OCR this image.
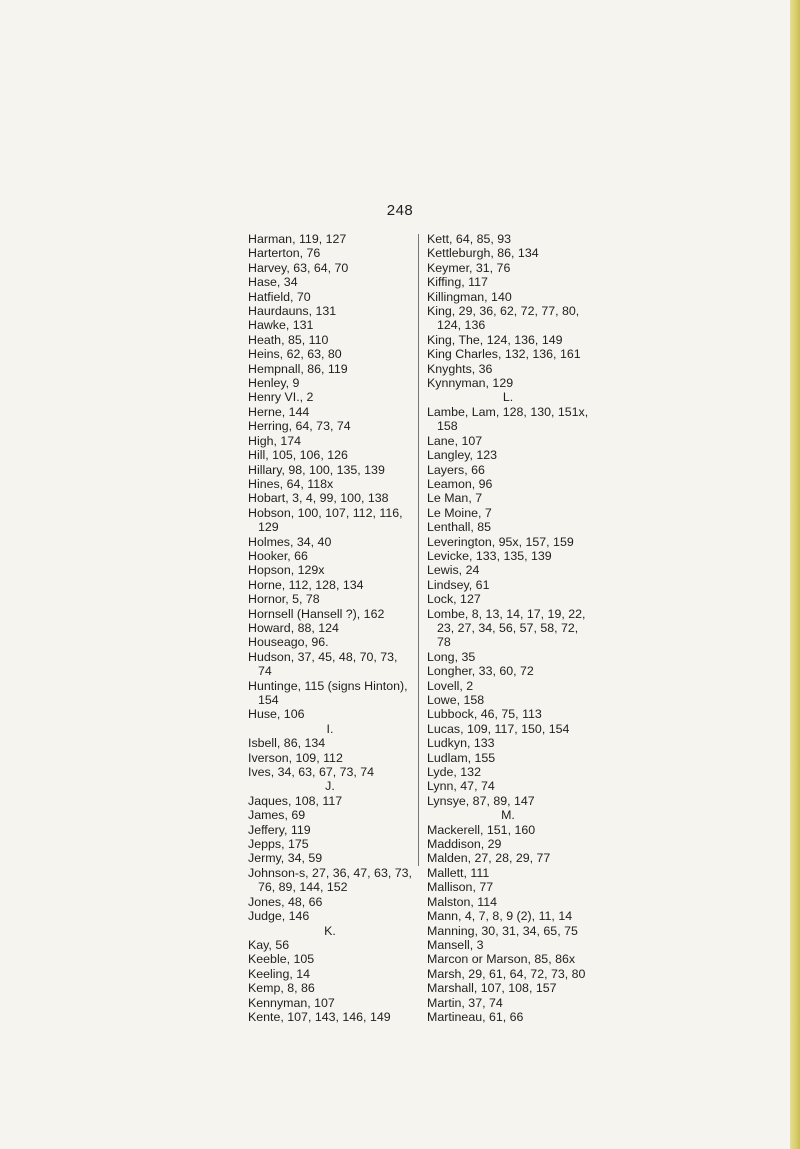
248
Harman, 119, 127
Harterton, 76
Harvey, 63, 64, 70
Hase, 34
Hatfield, 70
Haurdauns, 131
Hawke, 131
Heath, 85, 110
Heins, 62, 63, 80
Hempnall, 86, 119
Henley, 9
Henry VI., 2
Herne, 144
Herring, 64, 73, 74
High, 174
Hill, 105, 106, 126
Hillary, 98, 100, 135, 139
Hines, 64, 118x
Hobart, 3, 4, 99, 100, 138
Hobson, 100, 107, 112, 116, 129
Holmes, 34, 40
Hooker, 66
Hopson, 129x
Horne, 112, 128, 134
Hornor, 5, 78
Hornsell (Hansell ?), 162
Howard, 88, 124
Houseago, 96.
Hudson, 37, 45, 48, 70, 73, 74
Huntinge, 115 (signs Hinton), 154
Huse, 106
I.
Isbell, 86, 134
Iverson, 109, 112
Ives, 34, 63, 67, 73, 74
J.
Jaques, 108, 117
James, 69
Jeffery, 119
Jepps, 175
Jermy, 34, 59
Johnson-s, 27, 36, 47, 63, 73, 76, 89, 144, 152
Jones, 48, 66
Judge, 146
K.
Kay, 56
Keeble, 105
Keeling, 14
Kemp, 8, 86
Kennyman, 107
Kente, 107, 143, 146, 149
Kett, 64, 85, 93
Kettleburgh, 86, 134
Keymer, 31, 76
Kiffing, 117
Killingman, 140
King, 29, 36, 62, 72, 77, 80, 124, 136
King, The, 124, 136, 149
King Charles, 132, 136, 161
Knyghts, 36
Kynnyman, 129
L.
Lambe, Lam, 128, 130, 151x, 158
Lane, 107
Langley, 123
Layers, 66
Leamon, 96
Le Man, 7
Le Moine, 7
Lenthall, 85
Leverington, 95x, 157, 159
Levicke, 133, 135, 139
Lewis, 24
Lindsey, 61
Lock, 127
Lombe, 8, 13, 14, 17, 19, 22, 23, 27, 34, 56, 57, 58, 72, 78
Long, 35
Longher, 33, 60, 72
Lovell, 2
Lowe, 158
Lubbock, 46, 75, 113
Lucas, 109, 117, 150, 154
Ludkyn, 133
Ludlam, 155
Lyde, 132
Lynn, 47, 74
Lynsye, 87, 89, 147
M.
Mackerell, 151, 160
Maddison, 29
Malden, 27, 28, 29, 77
Mallett, 111
Mallison, 77
Malston, 114
Mann, 4, 7, 8, 9 (2), 11, 14
Manning, 30, 31, 34, 65, 75
Mansell, 3
Marcon or Marson, 85, 86x
Marsh, 29, 61, 64, 72, 73, 80
Marshall, 107, 108, 157
Martin, 37, 74
Martineau, 61, 66
